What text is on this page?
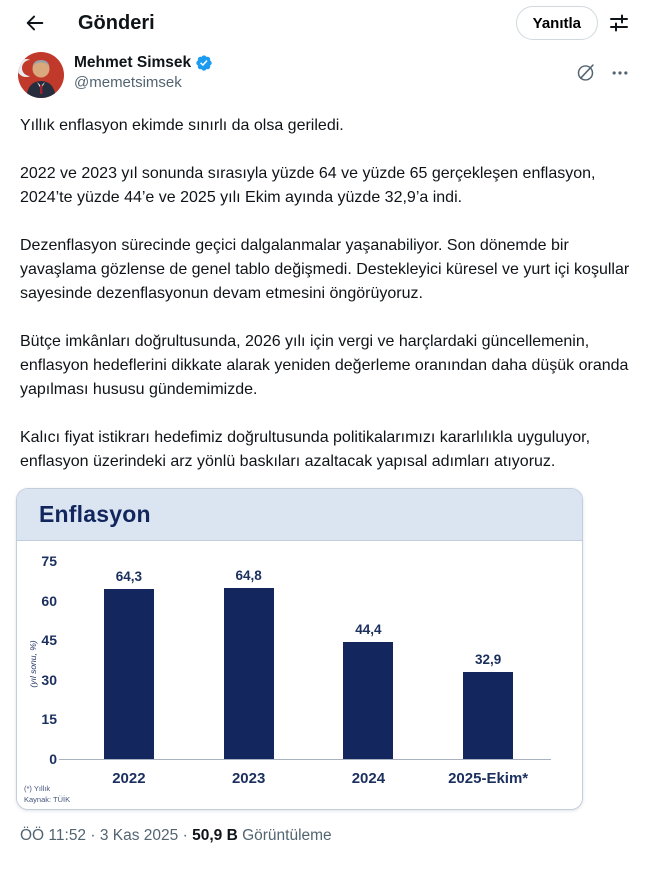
Gönderi	Yanıtla
Mehmet Simsek
@memetsimsek

Yıllık enflasyon ekimde sınırlı da olsa geriledi.

2022 ve 2023 yıl sonunda sırasıyla yüzde 64 ve yüzde 65 gerçekleşen enflasyon, 2024’te yüzde 44’e ve 2025 yılı Ekim ayında yüzde 32,9’a indi.

Dezenflasyon sürecinde geçici dalgalanmalar yaşanabiliyor. Son dönemde bir yavaşlama gözlense de genel tablo değişmedi. Destekleyici küresel ve yurt içi koşullar sayesinde dezenflasyonun devam etmesini öngörüyoruz.

Bütçe imkânları doğrultusunda, 2026 yılı için vergi ve harçlardaki güncellemenin, enflasyon hedeflerini dikkate alarak yeniden değerleme oranından daha düşük oranda yapılması hususu gündemimizde.

Kalıcı fiyat istikrarı hedefimiz doğrultusunda politikalarımızı kararlılıkla uyguluyor, enflasyon üzerindeki arz yönlü baskıları azaltacak yapısal adımları atıyoruz.

Enflasyon
(yıl sonu, %)
75
60
45
30
15
0
64,3	64,8
44,4
32,9
2022	2023	2024	2025-Ekim*
(*) Yıllık
Kaynak: TÜİK
ÖÖ 11:52 · 3 Kas 2025 · 50,9 B Görüntüleme
